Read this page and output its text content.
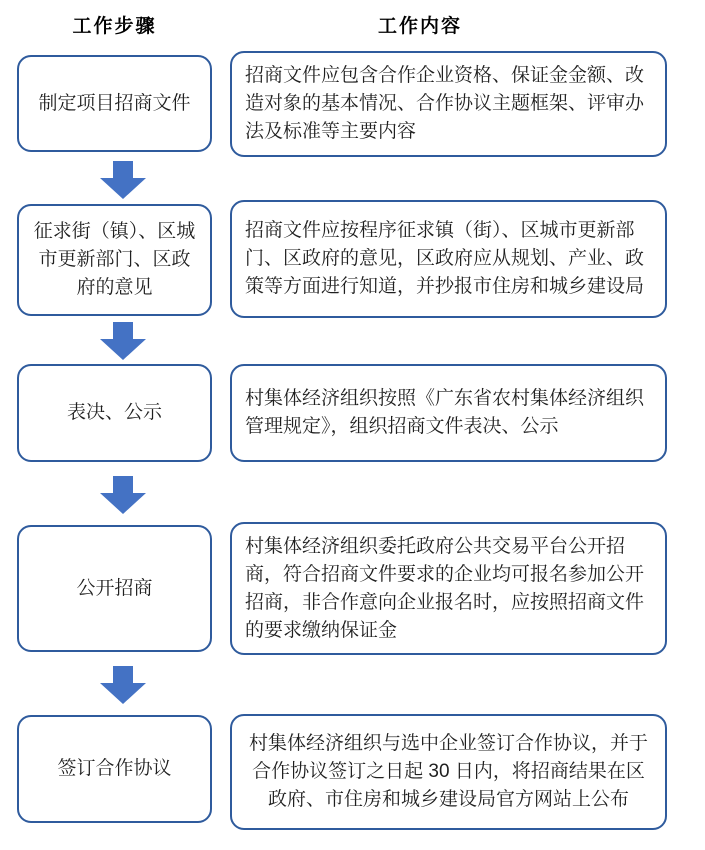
工作步骤	工作内容
制定项目招商文件
招商文件应包含合作企业资格、保证金金额、改造对象的基本情况、合作协议主题框架、评审办法及标准等主要内容
征求街（镇）、区城市更新部门、区政府的意见
招商文件应按程序征求镇（街）、区城市更新部门、区政府的意见，区政府应从规划、产业、政策等方面进行知道，并抄报市住房和城乡建设局
表决、公示
村集体经济组织按照《广东省农村集体经济组织管理规定》，组织招商文件表决、公示
公开招商
村集体经济组织委托政府公共交易平台公开招商，符合招商文件要求的企业均可报名参加公开招商，非合作意向企业报名时，应按照招商文件的要求缴纳保证金
签订合作协议
村集体经济组织与选中企业签订合作协议，并于合作协议签订之日起 30 日内，将招商结果在区政府、市住房和城乡建设局官方网站上公布
